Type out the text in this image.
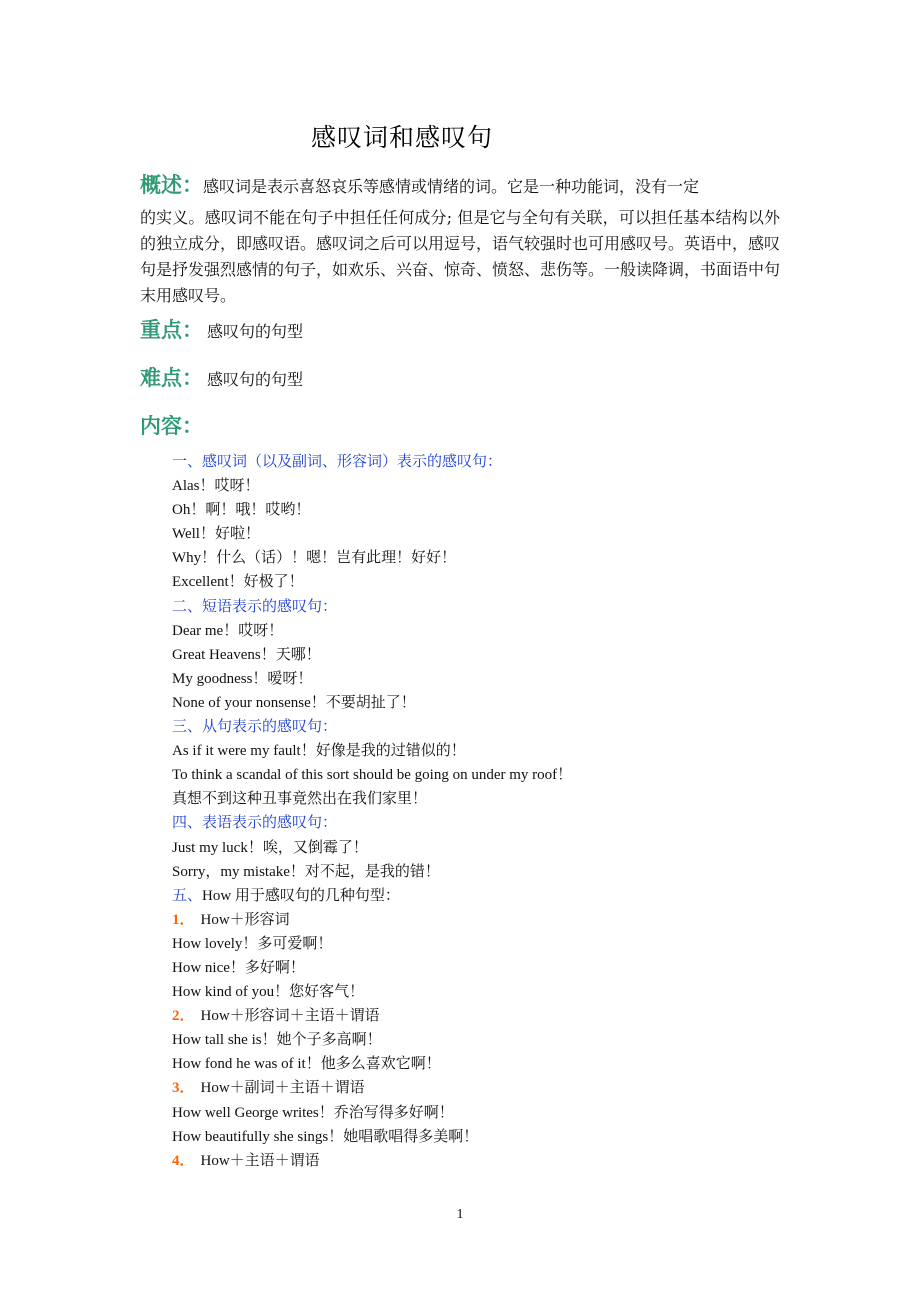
感叹词和感叹句
概述：感叹词是表示喜怒哀乐等感情或情绪的词。它是一种功能词，没有一定
的实义。感叹词不能在句子中担任任何成分; 但是它与全句有关联，可以担任基本结构以外的独立成分，即感叹语。感叹词之后可以用逗号，语气较强时也可用感叹号。英语中，感叹句是抒发强烈感情的句子，如欢乐、兴奋、惊奇、愤怒、悲伤等。一般读降调，书面语中句末用感叹号。
重点： 感叹句的句型
难点： 感叹句的句型
内容：
一、感叹词（以及副词、形容词）表示的感叹句：
Alas！哎呀！
Oh！啊！哦！哎哟！
Well！好啦！
Why！什么（话）！嗯！岂有此理！好好！
Excellent！好极了！
二、短语表示的感叹句：
Dear me！哎呀！
Great Heavens！天哪！
My goodness！嗳呀！
None of your nonsense！不要胡扯了！
三、从句表示的感叹句：
As if it were my fault！好像是我的过错似的！
To think a scandal of this sort should be going on under my roof！
真想不到这种丑事竟然出在我们家里！
四、表语表示的感叹句：
Just my luck！唉，又倒霉了！
Sorry，my mistake！对不起，是我的错！
五、How 用于感叹句的几种句型：
1． How＋形容词
How lovely！多可爱啊！
How nice！多好啊！
How kind of you！您好客气！
2． How＋形容词＋主语＋谓语
How tall she is！她个子多高啊！
How fond he was of it！他多么喜欢它啊！
3． How＋副词＋主语＋谓语
How well George writes！乔治写得多好啊！
How beautifully she sings！她唱歌唱得多美啊！
4． How＋主语＋谓语
1
